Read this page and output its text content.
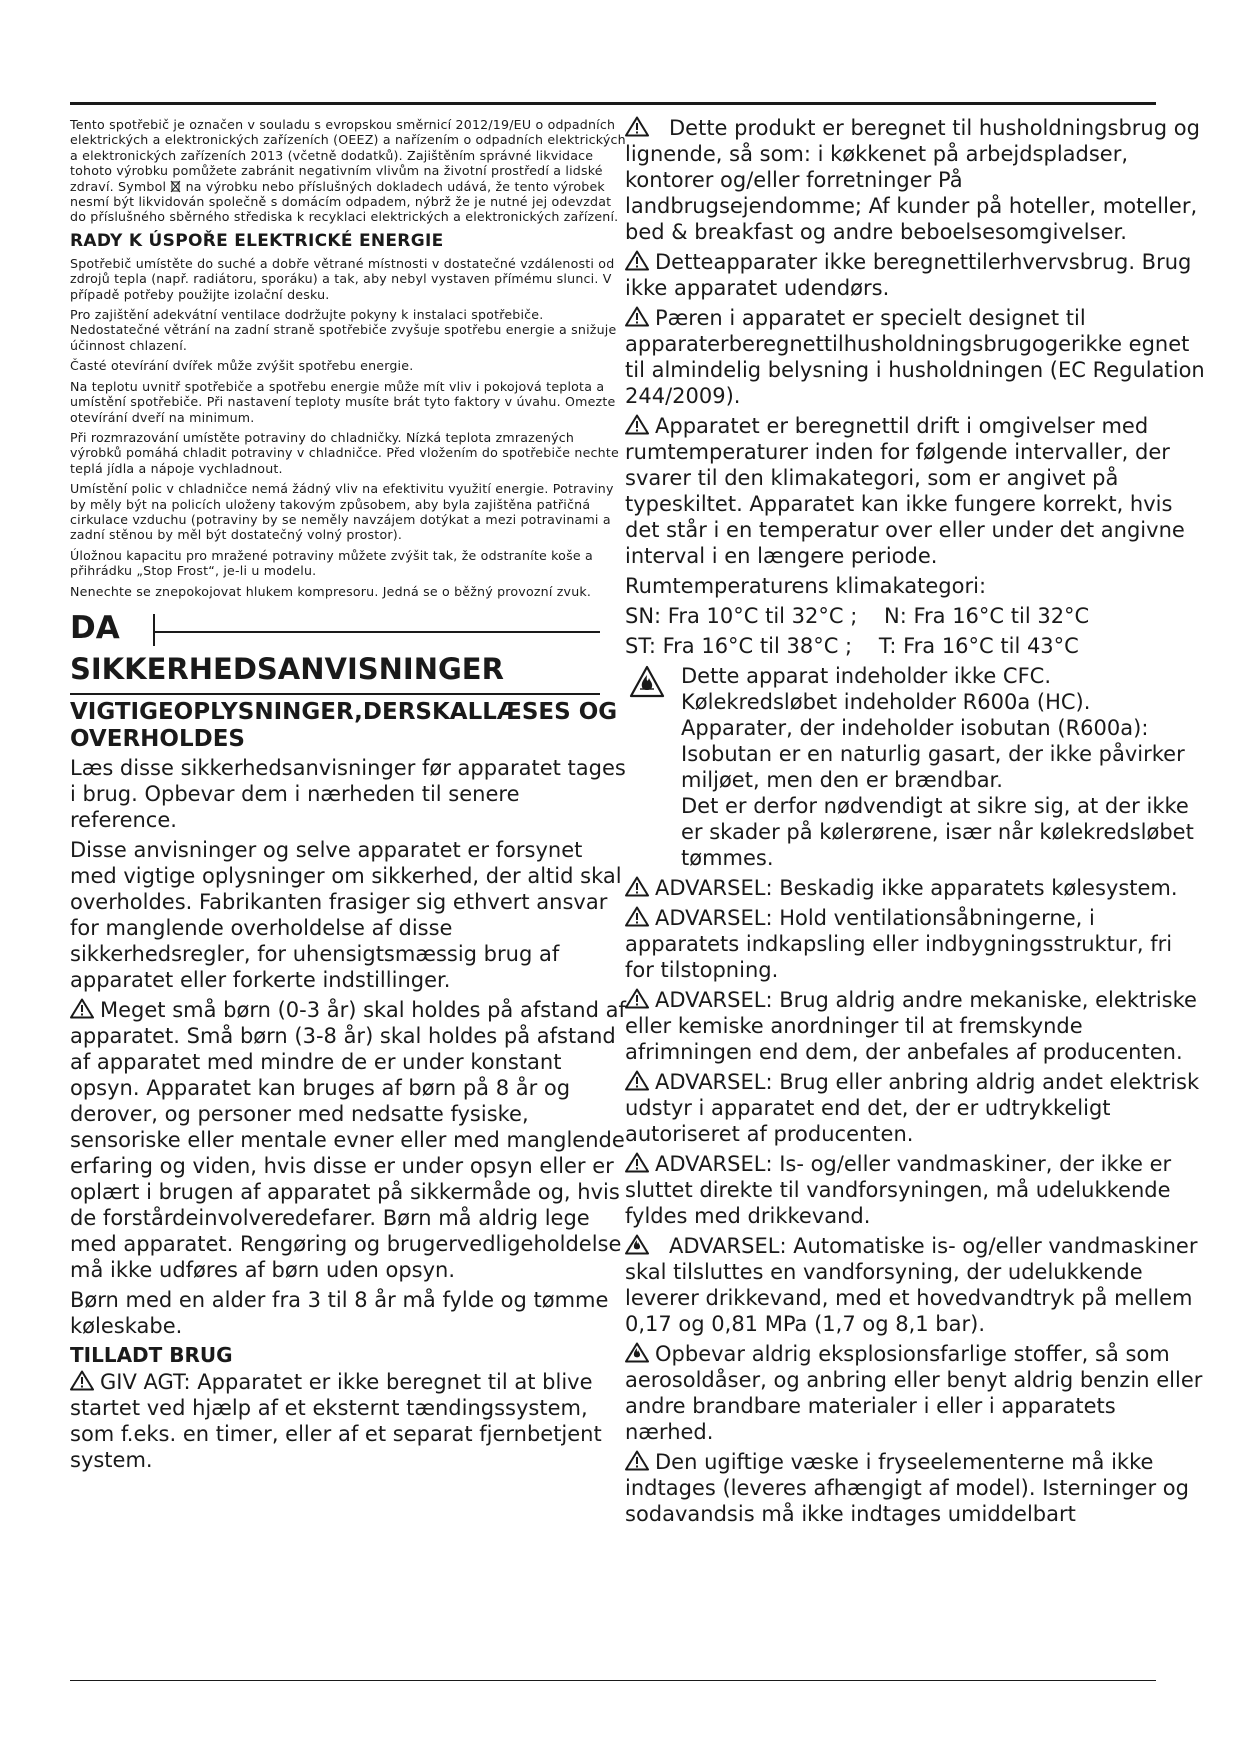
Tento spotřebič je označen v souladu s evropskou směrnicí 2012/19/EU o odpadních elektrických a elektronických zařízeních (OEEZ) a nařízením o odpadních elektrických a elektronických zařízeních 2013 (včetně dodatků). Zajištěním správné likvidace tohoto výrobku pomůžete zabránit negativním vlivům na životní prostředí a lidské zdraví. Symbol na výrobku nebo příslušných dokladech udává, že tento výrobek nesmí být likvidován společně s domácím odpadem, nýbrž že je nutné jej odevzdat do příslušného sběrného střediska k recyklaci elektrických a elektronických zařízení.

RADY K ÚSPOŘE ELEKTRICKÉ ENERGIE

Spotřebič umístěte do suché a dobře větrané místnosti v dostatečné vzdálenosti od zdrojů tepla (např. radiátoru, sporáku) a tak, aby nebyl vystaven přímému slunci. V případě potřeby použijte izolační desku.

Pro zajištění adekvátní ventilace dodržujte pokyny k instalaci spotřebiče. Nedostatečné větrání na zadní straně spotřebiče zvyšuje spotřebu energie a snižuje účinnost chlazení.

Časté otevírání dvířek může zvýšit spotřebu energie.

Na teplotu uvnitř spotřebiče a spotřebu energie může mít vliv i pokojová teplota a umístění spotřebiče. Při nastavení teploty musíte brát tyto faktory v úvahu. Omezte otevírání dveří na minimum.

Při rozmrazování umístěte potraviny do chladničky. Nízká teplota zmrazených výrobků pomáhá chladit potraviny v chladničce. Před vložením do spotřebiče nechte teplá jídla a nápoje vychladnout.

Umístění polic v chladničce nemá žádný vliv na efektivitu využití energie. Potraviny by měly být na policích uloženy takovým způsobem, aby byla zajištěna patřičná cirkulace vzduchu (potraviny by se neměly navzájem dotýkat a mezi potravinami a zadní stěnou by měl být dostatečný volný prostor).

Úložnou kapacitu pro mražené potraviny můžete zvýšit tak, že odstraníte koše a přihrádku „Stop Frost“, je-li u modelu.

Nenechte se znepokojovat hlukem kompresoru. Jedná se o běžný provozní zvuk.

DA
SIKKERHEDSANVISNINGER
VIGTIGEOPLYSNINGER,DERSKALLÆSES OG OVERHOLDES

Læs disse sikkerhedsanvisninger før apparatet tages i brug. Opbevar dem i nærheden til senere reference.

Disse anvisninger og selve apparatet er forsynet med vigtige oplysninger om sikkerhed, der altid skal overholdes. Fabrikanten frasiger sig ethvert ansvar for manglende overholdelse af disse sikkerhedsregler, for uhensigtsmæssig brug af apparatet eller forkerte indstillinger.

Meget små børn (0-3 år) skal holdes på afstand af apparatet. Små børn (3-8 år) skal holdes på afstand af apparatet med mindre de er under konstant opsyn. Apparatet kan bruges af børn på 8 år og derover, og personer med nedsatte fysiske, sensoriske eller mentale evner eller med manglende erfaring og viden, hvis disse er under opsyn eller er oplært i brugen af apparatet på sikkermåde og, hvis de forstårdeinvolveredefarer. Børn må aldrig lege med apparatet. Rengøring og brugervedligeholdelse må ikke udføres af børn uden opsyn.

Børn med en alder fra 3 til 8 år må fylde og tømme køleskabe.

TILLADT BRUG

GIV AGT: Apparatet er ikke beregnet til at blive startet ved hjælp af et eksternt tændingssystem, som f.eks. en timer, eller af et separat fjernbetjent system.

Dette produkt er beregnet til husholdningsbrug og lignende, så som: i køkkenet på arbejdspladser, kontorer og/eller forretninger På landbrugsejendomme; Af kunder på hoteller, moteller, bed & breakfast og andre beboelsesomgivelser.

Detteapparater ikke beregnettilerhvervsbrug. Brug ikke apparatet udendørs.

Pæren i apparatet er specielt designet til apparaterberegnettilhusholdningsbrugogerikke egnet til almindelig belysning i husholdningen (EC Regulation 244/2009).

Apparatet er beregnettil drift i omgivelser med rumtemperaturer inden for følgende intervaller, der svarer til den klimakategori, som er angivet på typeskiltet. Apparatet kan ikke fungere korrekt, hvis det står i en temperatur over eller under det angivne interval i en længere periode.

Rumtemperaturens klimakategori:

SN: Fra 10°C til 32°C ; N: Fra 16°C til 32°C

ST: Fra 16°C til 38°C ; T: Fra 16°C til 43°C

Dette apparat indeholder ikke CFC. Kølekredsløbet indeholder R600a (HC). Apparater, der indeholder isobutan (R600a): Isobutan er en naturlig gasart, der ikke påvirker miljøet, men den er brændbar.

Det er derfor nødvendigt at sikre sig, at der ikke er skader på kølerørene, især når kølekredsløbet tømmes.

ADVARSEL: Beskadig ikke apparatets kølesystem.

ADVARSEL: Hold ventilationsåbningerne, i apparatets indkapsling eller indbygningsstruktur, fri for tilstopning.

ADVARSEL: Brug aldrig andre mekaniske, elektriske eller kemiske anordninger til at fremskynde afrimningen end dem, der anbefales af producenten.

ADVARSEL: Brug eller anbring aldrig andet elektrisk udstyr i apparatet end det, der er udtrykkeligt autoriseret af producenten.

ADVARSEL: Is- og/eller vandmaskiner, der ikke er sluttet direkte til vandforsyningen, må udelukkende fyldes med drikkevand.

ADVARSEL: Automatiske is- og/eller vandmaskiner skal tilsluttes en vandforsyning, der udelukkende leverer drikkevand, med et hovedvandtryk på mellem 0,17 og 0,81 MPa (1,7 og 8,1 bar).

Opbevar aldrig eksplosionsfarlige stoffer, så som aerosoldåser, og anbring eller benyt aldrig benzin eller andre brandbare materialer i eller i apparatets nærhed.

Den ugiftige væske i fryseelementerne må ikke indtages (leveres afhængigt af model). Isterninger og sodavandsis må ikke indtages umiddelbart
